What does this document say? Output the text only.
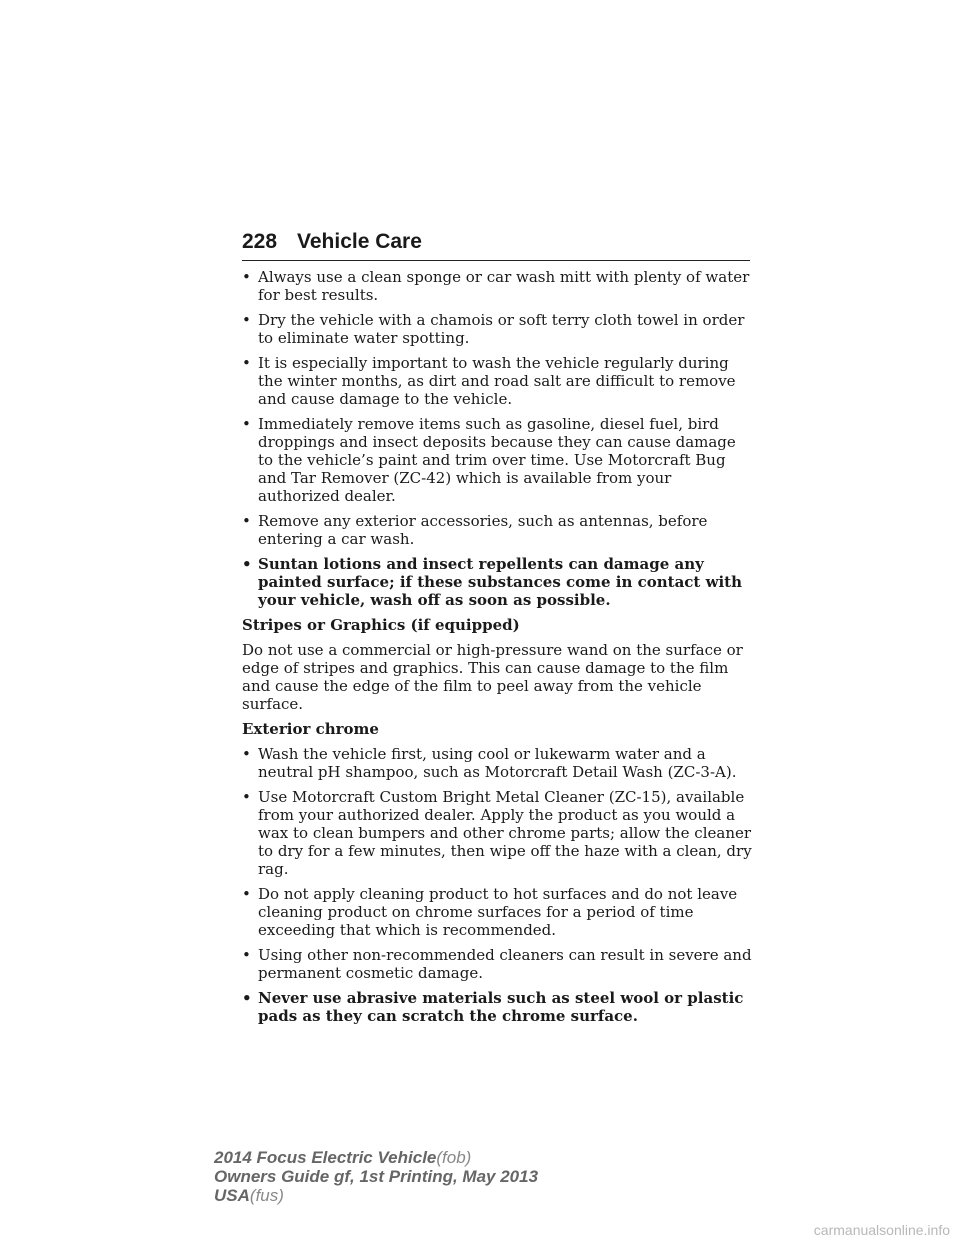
228 Vehicle Care
• Always use a clean sponge or car wash mitt with plenty of water for best results.
• Dry the vehicle with a chamois or soft terry cloth towel in order to eliminate water spotting.
• It is especially important to wash the vehicle regularly during the winter months, as dirt and road salt are difficult to remove and cause damage to the vehicle.
• Immediately remove items such as gasoline, diesel fuel, bird droppings and insect deposits because they can cause damage to the vehicle’s paint and trim over time. Use Motorcraft Bug and Tar Remover (ZC-42) which is available from your authorized dealer.
• Remove any exterior accessories, such as antennas, before entering a car wash.
• Suntan lotions and insect repellents can damage any painted surface; if these substances come in contact with your vehicle, wash off as soon as possible.
Stripes or Graphics (if equipped)
Do not use a commercial or high-pressure wand on the surface or edge of stripes and graphics. This can cause damage to the film and cause the edge of the film to peel away from the vehicle surface.
Exterior chrome
• Wash the vehicle first, using cool or lukewarm water and a neutral pH shampoo, such as Motorcraft Detail Wash (ZC-3-A).
• Use Motorcraft Custom Bright Metal Cleaner (ZC-15), available from your authorized dealer. Apply the product as you would a wax to clean bumpers and other chrome parts; allow the cleaner to dry for a few minutes, then wipe off the haze with a clean, dry rag.
• Do not apply cleaning product to hot surfaces and do not leave cleaning product on chrome surfaces for a period of time exceeding that which is recommended.
• Using other non-recommended cleaners can result in severe and permanent cosmetic damage.
• Never use abrasive materials such as steel wool or plastic pads as they can scratch the chrome surface.
2014 Focus Electric Vehicle(fob)
Owners Guide gf, 1st Printing, May 2013
USA(fus)
carmanualsonline.info
